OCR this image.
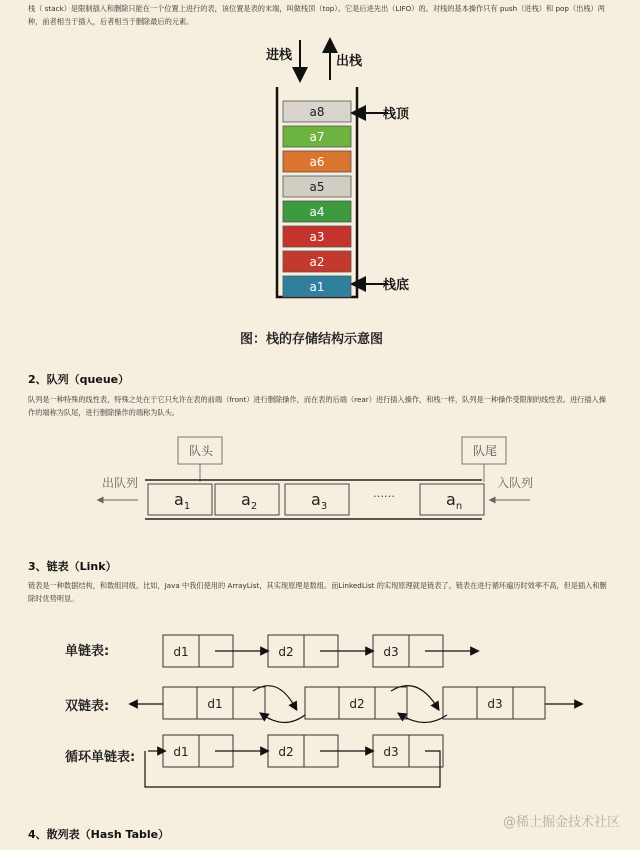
栈（ stack）是限制插入和删除只能在一个位置上进行的表，该位置是表的末端，叫做栈顶（top）。它是后进先出（LIFO）的。对栈的基本操作只有 push（进栈）和 pop（出栈）两种，前者相当于插入，后者相当于删除最后的元素。

进栈	出栈
a8
a7
a6
a5
a4
a3
a2
a1
栈顶
栈底
图：栈的存储结构示意图
2、队列（queue）

队列是一种特殊的线性表，特殊之处在于它只允许在表的前端（front）进行删除操作，而在表的后端（rear）进行插入操作，和栈一样，队列是一种操作受限制的线性表。进行插入操作的端称为队尾，进行删除操作的端称为队头。

队头	队尾
$a_1$	$a_2$	$a_3$	$a_n$
……
出队列	入队列
3、链表（Link）

链表是一种数据结构，和数组同级。比如，Java 中我们使用的 ArrayList，其实现原理是数组。而LinkedList 的实现原理就是链表了。链表在进行循环遍历时效率不高，但是插入和删除时优势明显。

单链表:
双链表:
循环单链表:
d1	d2	d3
d1	d2	d3
d1	d2	d3
4、散列表（Hash Table）
@稀土掘金技术社区
